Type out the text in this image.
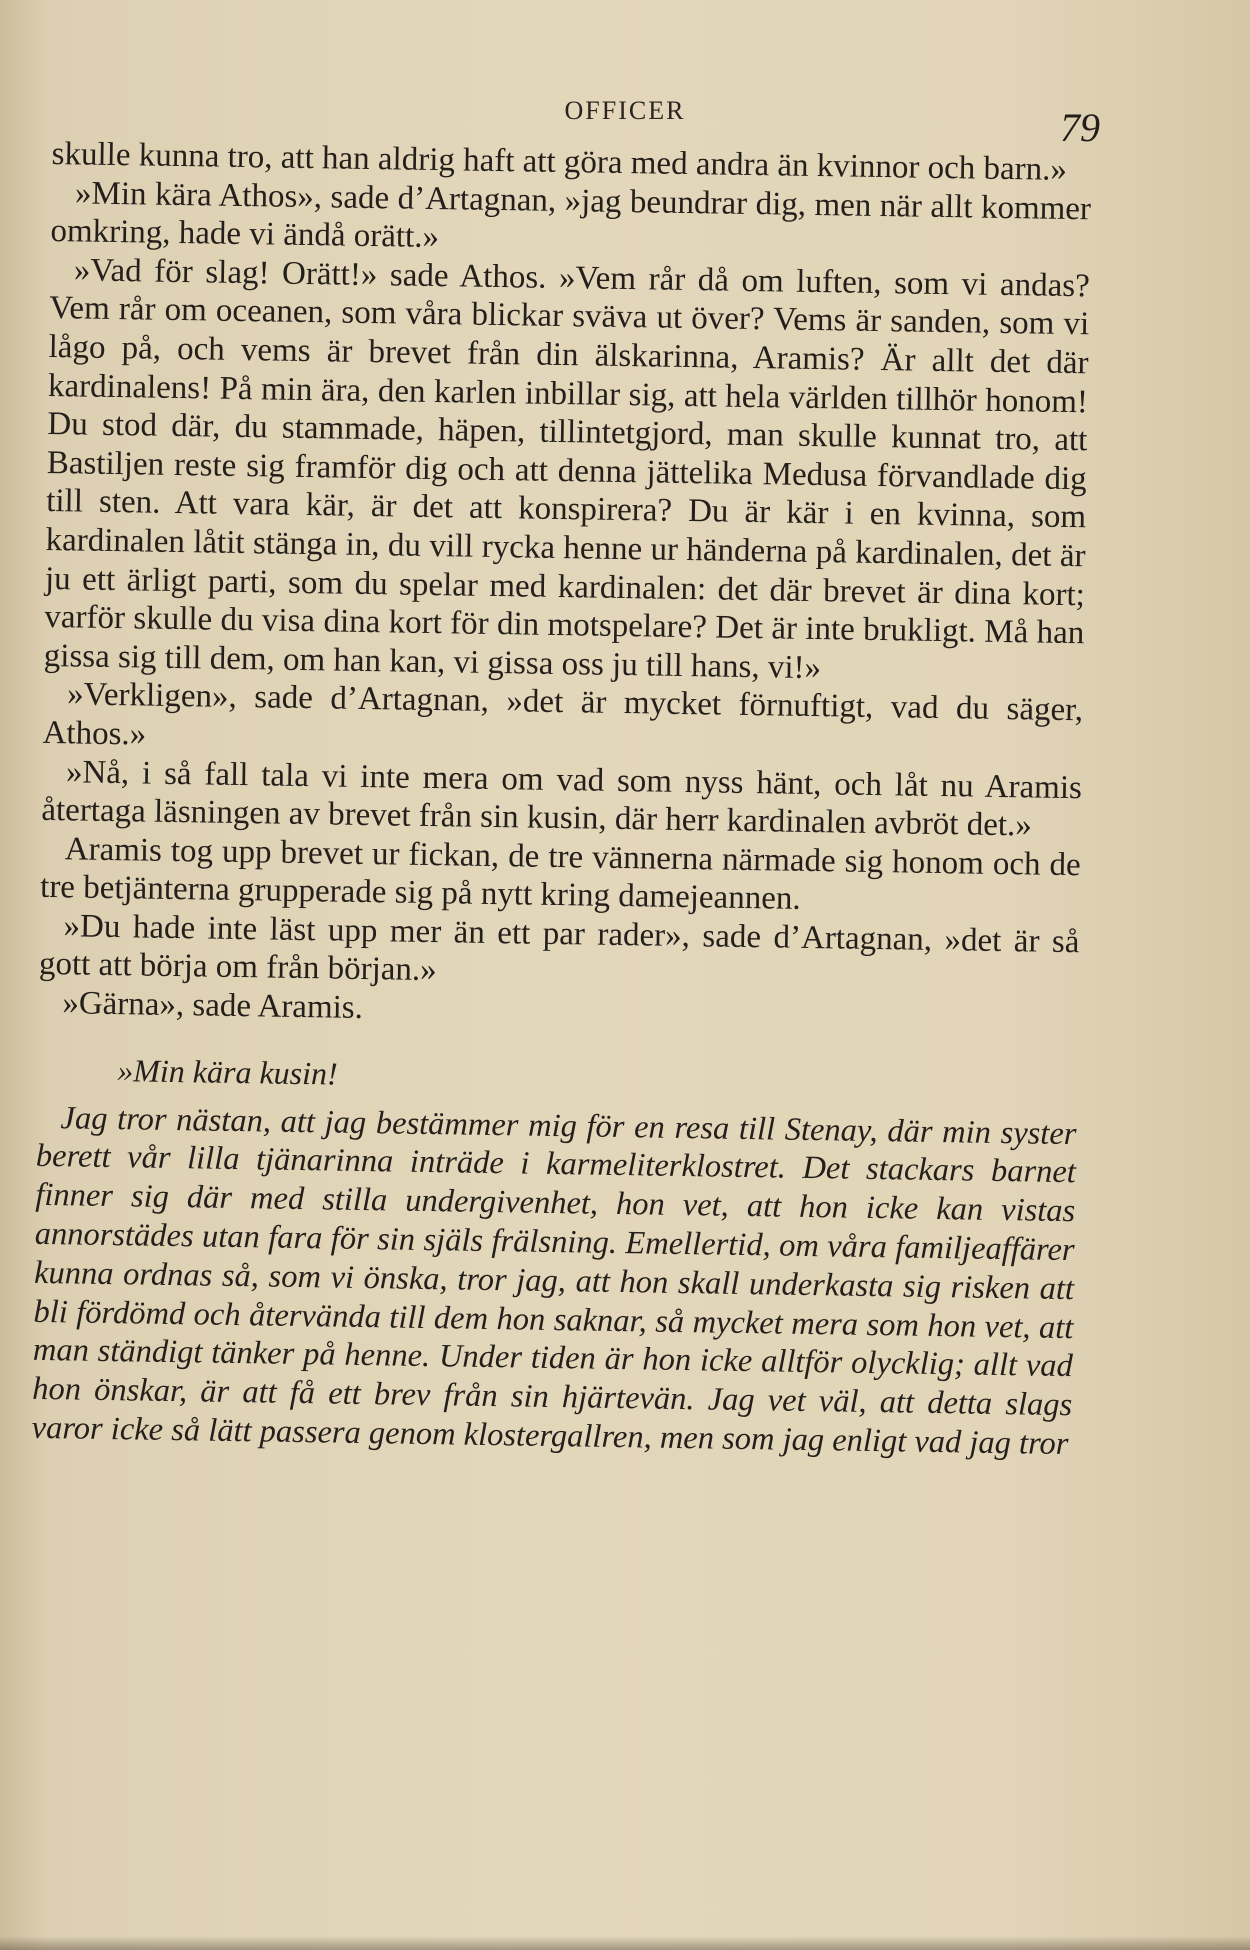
OFFICER	79

skulle kunna tro, att han aldrig haft att göra med andra än kvinnor och barn.»

»Min kära Athos», sade d’Artagnan, »jag beundrar dig, men när allt kommer omkring, hade vi ändå orätt.»

»Vad för slag! Orätt!» sade Athos. »Vem rår då om luften, som vi andas? Vem rår om oceanen, som våra blickar sväva ut över? Vems är sanden, som vi lågo på, och vems är brevet från din älskarinna, Aramis? Är allt det där kardinalens! På min ära, den karlen inbillar sig, att hela världen tillhör honom! Du stod där, du stammade, häpen, tillintetgjord, man skulle kunnat tro, att Bastiljen reste sig framför dig och att denna jättelika Medusa förvandlade dig till sten. Att vara kär, är det att konspirera? Du är kär i en kvinna, som kardinalen låtit stänga in, du vill rycka henne ur händerna på kardinalen, det är ju ett ärligt parti, som du spelar med kardinalen: det där brevet är dina kort; varför skulle du visa dina kort för din motspelare? Det är inte brukligt. Må han gissa sig till dem, om han kan, vi gissa oss ju till hans, vi!»

»Verkligen», sade d’Artagnan, »det är mycket förnuftigt, vad du säger, Athos.»

»Nå, i så fall tala vi inte mera om vad som nyss hänt, och låt nu Aramis återtaga läsningen av brevet från sin kusin, där herr kardinalen avbröt det.»

Aramis tog upp brevet ur fickan, de tre vännerna närmade sig honom och de tre betjänterna grupperade sig på nytt kring damejeannen.

»Du hade inte läst upp mer än ett par rader», sade d’Artagnan, »det är så gott att börja om från början.»

»Gärna», sade Aramis.

»Min kära kusin!

Jag tror nästan, att jag bestämmer mig för en resa till Stenay, där min syster berett vår lilla tjänarinna inträde i karmeliterklostret. Det stackars barnet finner sig där med stilla undergivenhet, hon vet, att hon icke kan vistas annorstädes utan fara för sin själs frälsning. Emellertid, om våra familjeaffärer kunna ordnas så, som vi önska, tror jag, att hon skall underkasta sig risken att bli fördömd och återvända till dem hon saknar, så mycket mera som hon vet, att man ständigt tänker på henne. Under tiden är hon icke alltför olycklig; allt vad hon önskar, är att få ett brev från sin hjärtevän. Jag vet väl, att detta slags varor icke så lätt passera genom klostergallren, men som jag enligt vad jag tror
